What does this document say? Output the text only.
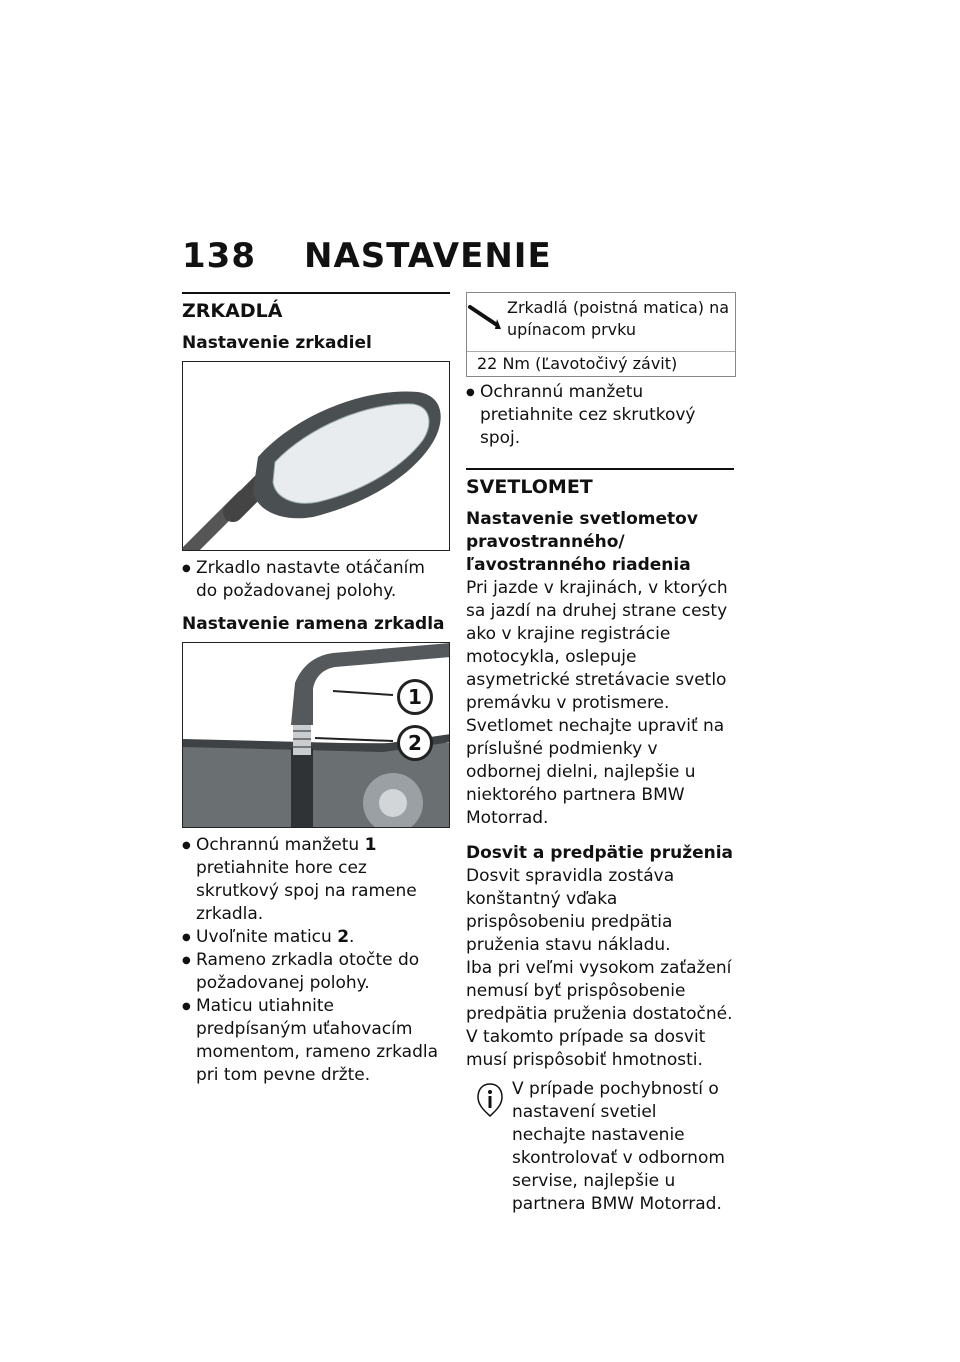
138 NASTAVENIE
ZRKADLÁ
Nastavenie zrkadiel
● Zrkadlo nastavte otáčaním do požadovanej polohy.
Nastavenie ramena zrkadla
1
2
● Ochrannú manžetu 1 pretiahnite hore cez skrutkový spoj na ramene zrkadla.
● Uvoľnite maticu 2.
● Rameno zrkadla otočte do požadovanej polohy.
● Maticu utiahnite predpísaným uťahovacím momentom, rameno zrkadla pri tom pevne držte.
Zrkadlá (poistná matica) na upínacom prvku
22 Nm (Ľavotočivý závit)
● Ochrannú manžetu pretiahnite cez skrutkový spoj.
SVETLOMET
Nastavenie svetlometov pravostranného/ľavostranného riadenia
Pri jazde v krajinách, v ktorých sa jazdí na druhej strane cesty ako v krajine registrácie motocykla, oslepuje asymetrické stretávacie svetlo premávku v protismere.
Svetlomet nechajte upraviť na príslušné podmienky v odbornej dielni, najlepšie u niektorého partnera BMW Motorrad.
Dosvit a predpätie pruženia
Dosvit spravidla zostáva konštantný vďaka prispôsobeniu predpätia pruženia stavu nákladu.
Iba pri veľmi vysokom zaťažení nemusí byť prispôsobenie predpätia pruženia dostatočné. V takomto prípade sa dosvit musí prispôsobiť hmotnosti.
V prípade pochybností o nastavení svetiel nechajte nastavenie skontrolovať v odbornom servise, najlepšie u partnera BMW Motorrad.
